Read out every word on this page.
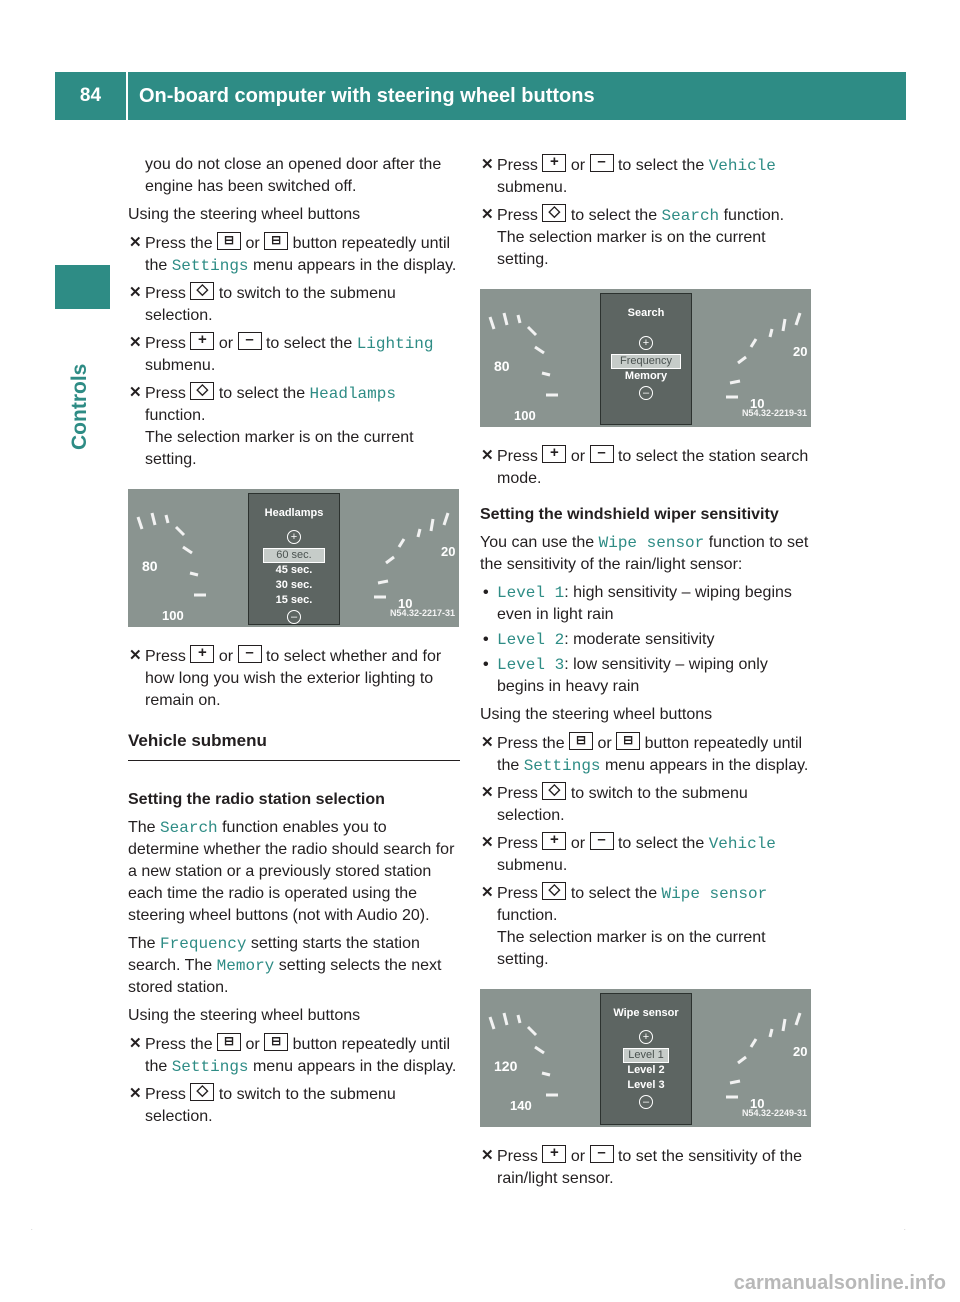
84	On-board computer with steering wheel buttons
Controls

you do not close an opened door after the engine has been switched off.

Using the steering wheel buttons

✕ Press the ⊟ or ⊟ button repeatedly until the Settings menu appears in the display.
✕ Press ◇ to switch to the submenu selection.
✕ Press + or – to select the Lighting submenu.
✕ Press ◇ to select the Headlamps function.
The selection marker is on the current setting.
80
100
20
10
Headlamps
+
60 sec.
45 sec.
30 sec.
15 sec.
–	N54.32-2217-31
✕ Press + or – to select whether and for how long you wish the exterior lighting to remain on.
Vehicle submenu

Setting the radio station selection

The Search function enables you to determine whether the radio should search for a new station or a previously stored station each time the radio is operated using the steering wheel buttons (not with Audio 20).

The Frequency setting starts the station search. The Memory setting selects the next stored station.

Using the steering wheel buttons

✕ Press the ⊟ or ⊟ button repeatedly until the Settings menu appears in the display.
✕ Press ◇ to switch to the submenu selection.
✕ Press + or – to select the Vehicle submenu.
✕ Press ◇ to select the Search function.
The selection marker is on the current setting.
80
100
20
10
Search
+
Frequency
Memory
–
N54.32-2219-31
✕ Press + or – to select the station search mode.

Setting the windshield wiper sensitivity

You can use the Wipe sensor function to set the sensitivity of the rain/light sensor:

• Level 1: high sensitivity – wiping begins even in light rain
• Level 2: moderate sensitivity
• Level 3: low sensitivity – wiping only begins in heavy rain

Using the steering wheel buttons

✕ Press the ⊟ or ⊟ button repeatedly until the Settings menu appears in the display.
✕ Press ◇ to switch to the submenu selection.
✕ Press + or – to select the Vehicle submenu.
✕ Press ◇ to select the Wipe sensor function.
The selection marker is on the current setting.
120
140
20
10
Wipe sensor
+
Level 1
Level 2
Level 3
–
N54.32-2249-31
✕ Press + or – to set the sensitivity of the rain/light sensor.
.	.
carmanualsonline.info
